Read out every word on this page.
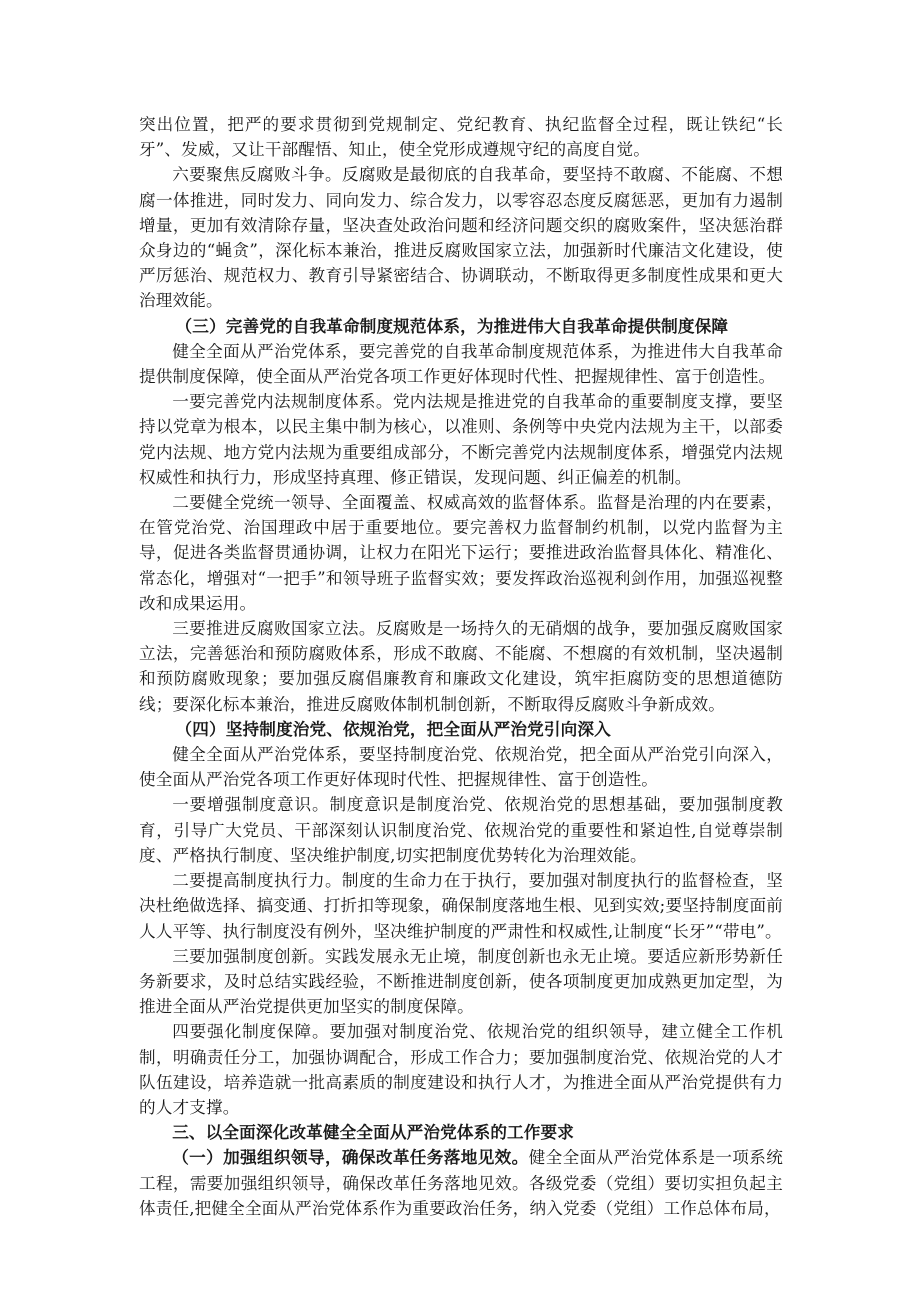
突出位置，把严的要求贯彻到党规制定、党纪教育、执纪监督全过程，既让铁纪“长牙”、发威，又让干部醒悟、知止，使全党形成遵规守纪的高度自觉。

六要聚焦反腐败斗争。反腐败是最彻底的自我革命，要坚持不敢腐、不能腐、不想腐一体推进，同时发力、同向发力、综合发力，以零容忍态度反腐惩恶，更加有力遏制增量，更加有效清除存量，坚决查处政治问题和经济问题交织的腐败案件，坚决惩治群众身边的“蝇贪”，深化标本兼治，推进反腐败国家立法，加强新时代廉洁文化建设，使严厉惩治、规范权力、教育引导紧密结合、协调联动，不断取得更多制度性成果和更大治理效能。

（三）完善党的自我革命制度规范体系，为推进伟大自我革命提供制度保障

健全全面从严治党体系，要完善党的自我革命制度规范体系，为推进伟大自我革命提供制度保障，使全面从严治党各项工作更好体现时代性、把握规律性、富于创造性。

一要完善党内法规制度体系。党内法规是推进党的自我革命的重要制度支撑，要坚持以党章为根本，以民主集中制为核心，以准则、条例等中央党内法规为主干，以部委党内法规、地方党内法规为重要组成部分，不断完善党内法规制度体系，增强党内法规权威性和执行力，形成坚持真理、修正错误，发现问题、纠正偏差的机制。

二要健全党统一领导、全面覆盖、权威高效的监督体系。监督是治理的内在要素，在管党治党、治国理政中居于重要地位。要完善权力监督制约机制，以党内监督为主导，促进各类监督贯通协调，让权力在阳光下运行；要推进政治监督具体化、精准化、常态化，增强对“一把手”和领导班子监督实效；要发挥政治巡视利剑作用，加强巡视整改和成果运用。

三要推进反腐败国家立法。反腐败是一场持久的无硝烟的战争，要加强反腐败国家立法，完善惩治和预防腐败体系，形成不敢腐、不能腐、不想腐的有效机制，坚决遏制和预防腐败现象；要加强反腐倡廉教育和廉政文化建设，筑牢拒腐防变的思想道德防线；要深化标本兼治，推进反腐败体制机制创新，不断取得反腐败斗争新成效。

（四）坚持制度治党、依规治党，把全面从严治党引向深入

健全全面从严治党体系，要坚持制度治党、依规治党，把全面从严治党引向深入，使全面从严治党各项工作更好体现时代性、把握规律性、富于创造性。

一要增强制度意识。制度意识是制度治党、依规治党的思想基础，要加强制度教育，引导广大党员、干部深刻认识制度治党、依规治党的重要性和紧迫性,自觉尊崇制度、严格执行制度、坚决维护制度,切实把制度优势转化为治理效能。

二要提高制度执行力。制度的生命力在于执行，要加强对制度执行的监督检查，坚决杜绝做选择、搞变通、打折扣等现象，确保制度落地生根、见到实效;要坚持制度面前人人平等、执行制度没有例外，坚决维护制度的严肃性和权威性,让制度“长牙”“带电”。

三要加强制度创新。实践发展永无止境，制度创新也永无止境。要适应新形势新任务新要求，及时总结实践经验，不断推进制度创新，使各项制度更加成熟更加定型，为推进全面从严治党提供更加坚实的制度保障。

四要强化制度保障。要加强对制度治党、依规治党的组织领导，建立健全工作机制，明确责任分工，加强协调配合，形成工作合力；要加强制度治党、依规治党的人才队伍建设，培养造就一批高素质的制度建设和执行人才，为推进全面从严治党提供有力的人才支撑。

三、以全面深化改革健全全面从严治党体系的工作要求

（一）加强组织领导，确保改革任务落地见效。健全全面从严治党体系是一项系统工程，需要加强组织领导，确保改革任务落地见效。各级党委（党组）要切实担负起主体责任,把健全全面从严治党体系作为重要政治任务，纳入党委（党组）工作总体布局，
